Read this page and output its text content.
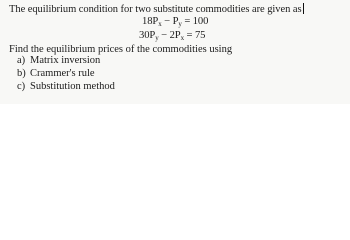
The equilibrium condition for two substitute commodities are given as
$18P_x - P_y = 100$
$30P_y - 2P_x = 75$
Find the equilibrium prices of the commodities using
a) Matrix inversion
b) Crammer's rule
c) Substitution method
